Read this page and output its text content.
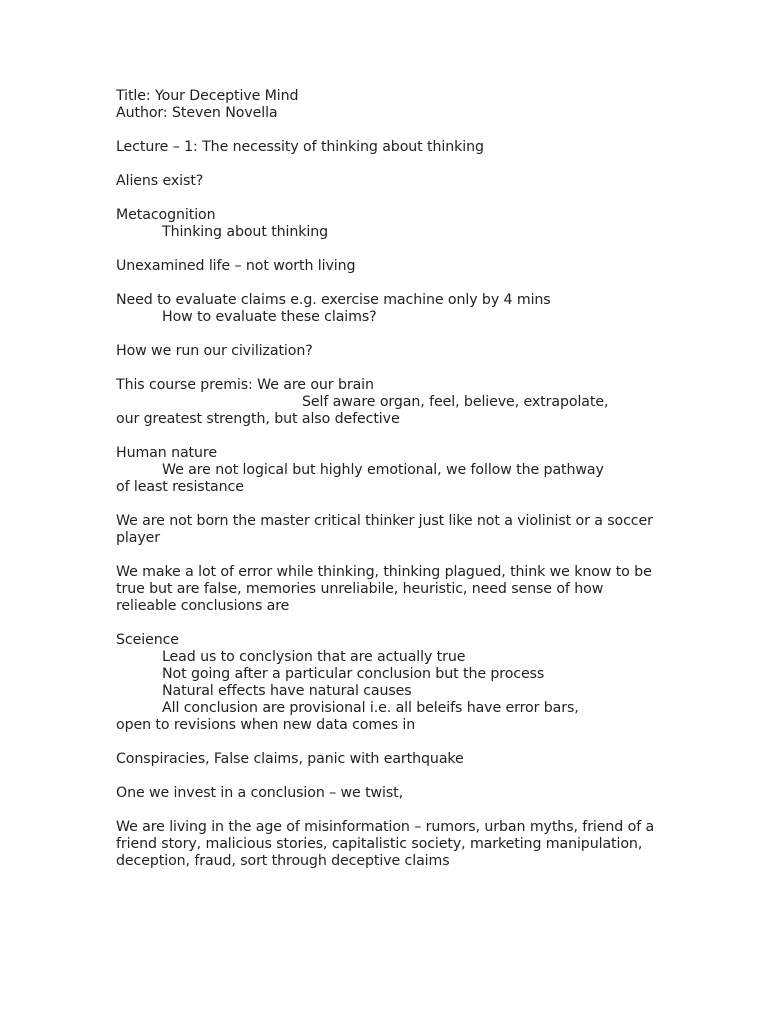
Title: Your Deceptive Mind
Author: Steven Novella
Lecture – 1: The necessity of thinking about thinking
Aliens exist?
Metacognition
Thinking about thinking
Unexamined life – not worth living
Need to evaluate claims e.g. exercise machine only by 4 mins
How to evaluate these claims?
How we run our civilization?
This course premis: We are our brain
Self aware organ, feel, believe, extrapolate,
our greatest strength, but also defective
Human nature
We are not logical but highly emotional, we follow the pathway
of least resistance
We are not born the master critical thinker just like not a violinist or a soccer player
We make a lot of error while thinking, thinking plagued, think we know to be true but are false, memories unreliabile, heuristic, need sense of how relieable conclusions are
Sceience
Lead us to conclysion that are actually true
Not going after a particular conclusion but the process
Natural effects have natural causes
All conclusion are provisional i.e. all beleifs have error bars,
open to revisions when new data comes in
Conspiracies, False claims, panic with earthquake
One we invest in a conclusion – we twist,
We are living in the age of misinformation – rumors, urban myths, friend of a friend story, malicious stories, capitalistic society, marketing manipulation, deception, fraud, sort through deceptive claims
